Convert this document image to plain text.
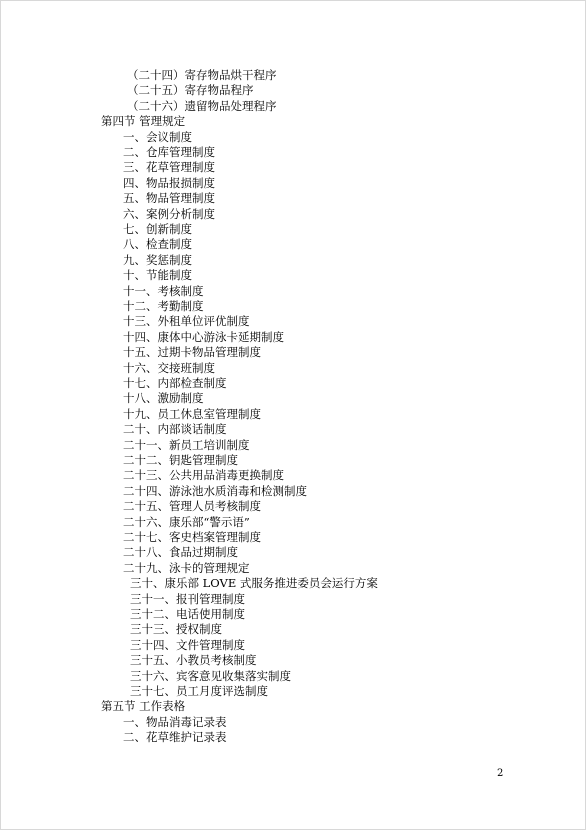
（二十四）寄存物品烘干程序
（二十五）寄存物品程序
（二十六）遗留物品处理程序
第四节 管理规定
一、会议制度
二、仓库管理制度
三、花草管理制度
四、物品报损制度
五、物品管理制度
六、案例分析制度
七、创新制度
八、检查制度
九、奖惩制度
十、节能制度
十一、考核制度
十二、考勤制度
十三、外租单位评优制度
十四、康体中心游泳卡延期制度
十五、过期卡物品管理制度
十六、交接班制度
十七、内部检查制度
十八、激励制度
十九、员工休息室管理制度
二十、内部谈话制度
二十一、新员工培训制度
二十二、钥匙管理制度
二十三、公共用品消毒更换制度
二十四、游泳池水质消毒和检测制度
二十五、管理人员考核制度
二十六、康乐部“警示语”
二十七、客史档案管理制度
二十八、食品过期制度
二十九、泳卡的管理规定
三十、康乐部 LOVE 式服务推进委员会运行方案
三十一、报刊管理制度
三十二、电话使用制度
三十三、授权制度
三十四、文件管理制度
三十五、小教员考核制度
三十六、宾客意见收集落实制度
三十七、员工月度评选制度
第五节 工作表格
一、物品消毒记录表
二、花草维护记录表
2
